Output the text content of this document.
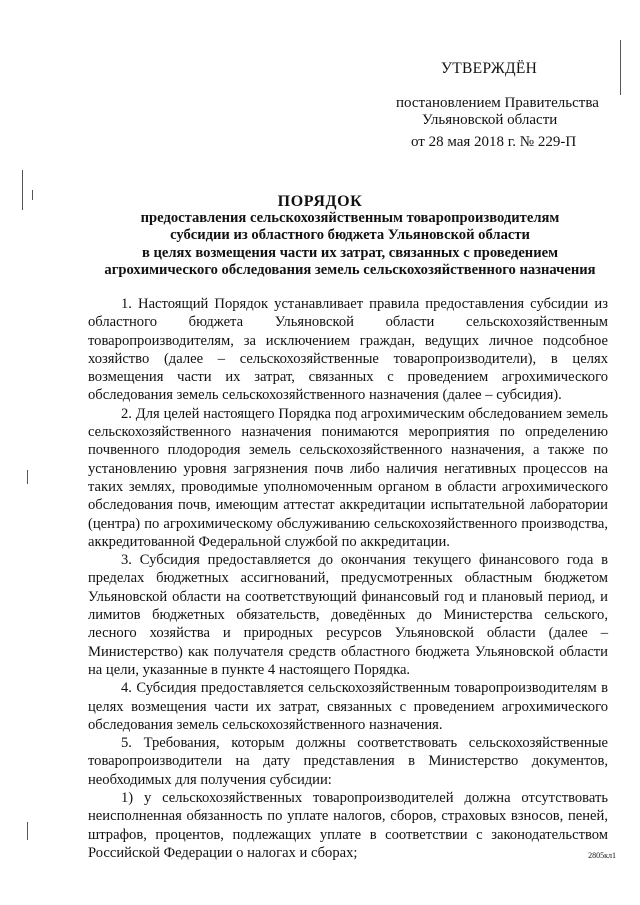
УТВЕРЖДЁН
постановлением Правительства
Ульяновской области
от 28 мая 2018 г. № 229-П
ПОРЯДОК
предоставления сельскохозяйственным товаропроизводителям
субсидии из областного бюджета Ульяновской области
в целях возмещения части их затрат, связанных с проведением
агрохимического обследования земель сельскохозяйственного назначения

1. Настоящий Порядок устанавливает правила предоставления субсидии из областного бюджета Ульяновской области сельскохозяйственным товаропроизводителям, за исключением граждан, ведущих личное подсобное хозяйство (далее – сельскохозяйственные товаропроизводители), в целях возмещения части их затрат, связанных с проведением агрохимического обследования земель сельскохозяйственного назначения (далее – субсидия).

2. Для целей настоящего Порядка под агрохимическим обследованием земель сельскохозяйственного назначения понимаются мероприятия по определению почвенного плодородия земель сельскохозяйственного назначения, а также по установлению уровня загрязнения почв либо наличия негативных процессов на таких землях, проводимые уполномоченным органом в области агрохимического обследования почв, имеющим аттестат аккредитации испытательной лаборатории (центра) по агрохимическому обслуживанию сельскохозяйственного производства, аккредитованной Федеральной службой по аккредитации.

3. Субсидия предоставляется до окончания текущего финансового года в пределах бюджетных ассигнований, предусмотренных областным бюджетом Ульяновской области на соответствующий финансовый год и плановый период, и лимитов бюджетных обязательств, доведённых до Министерства сельского, лесного хозяйства и природных ресурсов Ульяновской области (далее – Министерство) как получателя средств областного бюджета Ульяновской области на цели, указанные в пункте 4 настоящего Порядка.

4. Субсидия предоставляется сельскохозяйственным товаропроизводителям в целях возмещения части их затрат, связанных с проведением агрохимического обследования земель сельскохозяйственного назначения.

5. Требования, которым должны соответствовать сельскохозяйственные товаропроизводители на дату представления в Министерство документов, необходимых для получения субсидии:

1) у сельскохозяйственных товаропроизводителей должна отсутствовать неисполненная обязанность по уплате налогов, сборов, страховых взносов, пеней, штрафов, процентов, подлежащих уплате в соответствии с законодательством Российской Федерации о налогах и сборах;	2805кл1
